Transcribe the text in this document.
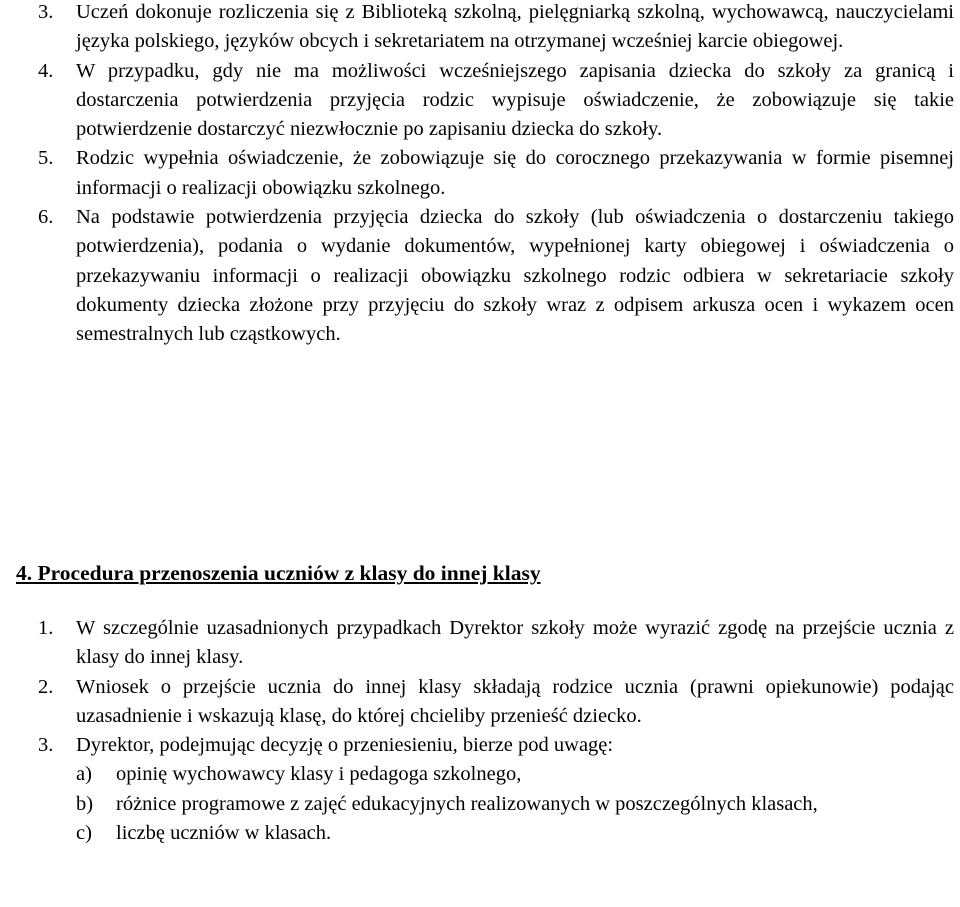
3. Uczeń dokonuje rozliczenia się z Biblioteką szkolną, pielęgniarką szkolną, wychowawcą, nauczycielami języka polskiego, języków obcych i sekretariatem na otrzymanej wcześniej karcie obiegowej.
4. W przypadku, gdy nie ma możliwości wcześniejszego zapisania dziecka do szkoły za granicą i dostarczenia potwierdzenia przyjęcia rodzic wypisuje oświadczenie, że zobowiązuje się takie potwierdzenie dostarczyć niezwłocznie po zapisaniu dziecka do szkoły.
5. Rodzic wypełnia oświadczenie, że zobowiązuje się do corocznego przekazywania w formie pisemnej informacji o realizacji obowiązku szkolnego.
6. Na podstawie potwierdzenia przyjęcia dziecka do szkoły (lub oświadczenia o dostarczeniu takiego potwierdzenia), podania o wydanie dokumentów, wypełnionej karty obiegowej i oświadczenia o przekazywaniu informacji o realizacji obowiązku szkolnego rodzic odbiera w sekretariacie szkoły dokumenty dziecka złożone przy przyjęciu do szkoły wraz z odpisem arkusza ocen i wykazem ocen semestralnych lub cząstkowych.
4. Procedura przenoszenia uczniów z klasy do innej klasy
1. W szczególnie uzasadnionych przypadkach Dyrektor szkoły może wyrazić zgodę na przejście ucznia z klasy do innej klasy.
2. Wniosek o przejście ucznia do innej klasy składają rodzice ucznia (prawni opiekunowie) podając uzasadnienie i wskazują klasę, do której chcieliby przenieść dziecko.
3. Dyrektor, podejmując decyzję o przeniesieniu, bierze pod uwagę:
a) opinię wychowawcy klasy i pedagoga szkolnego,
b) różnice programowe z zajęć edukacyjnych realizowanych w poszczególnych klasach,
c) liczbę uczniów w klasach.
